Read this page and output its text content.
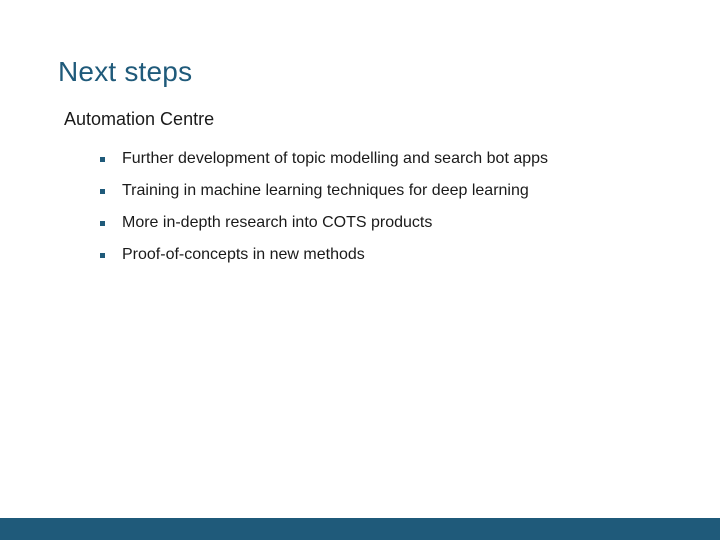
Next steps
Automation Centre
Further development of topic modelling and search bot apps
Training in machine learning techniques for deep learning
More in-depth research into COTS products
Proof-of-concepts in new methods
